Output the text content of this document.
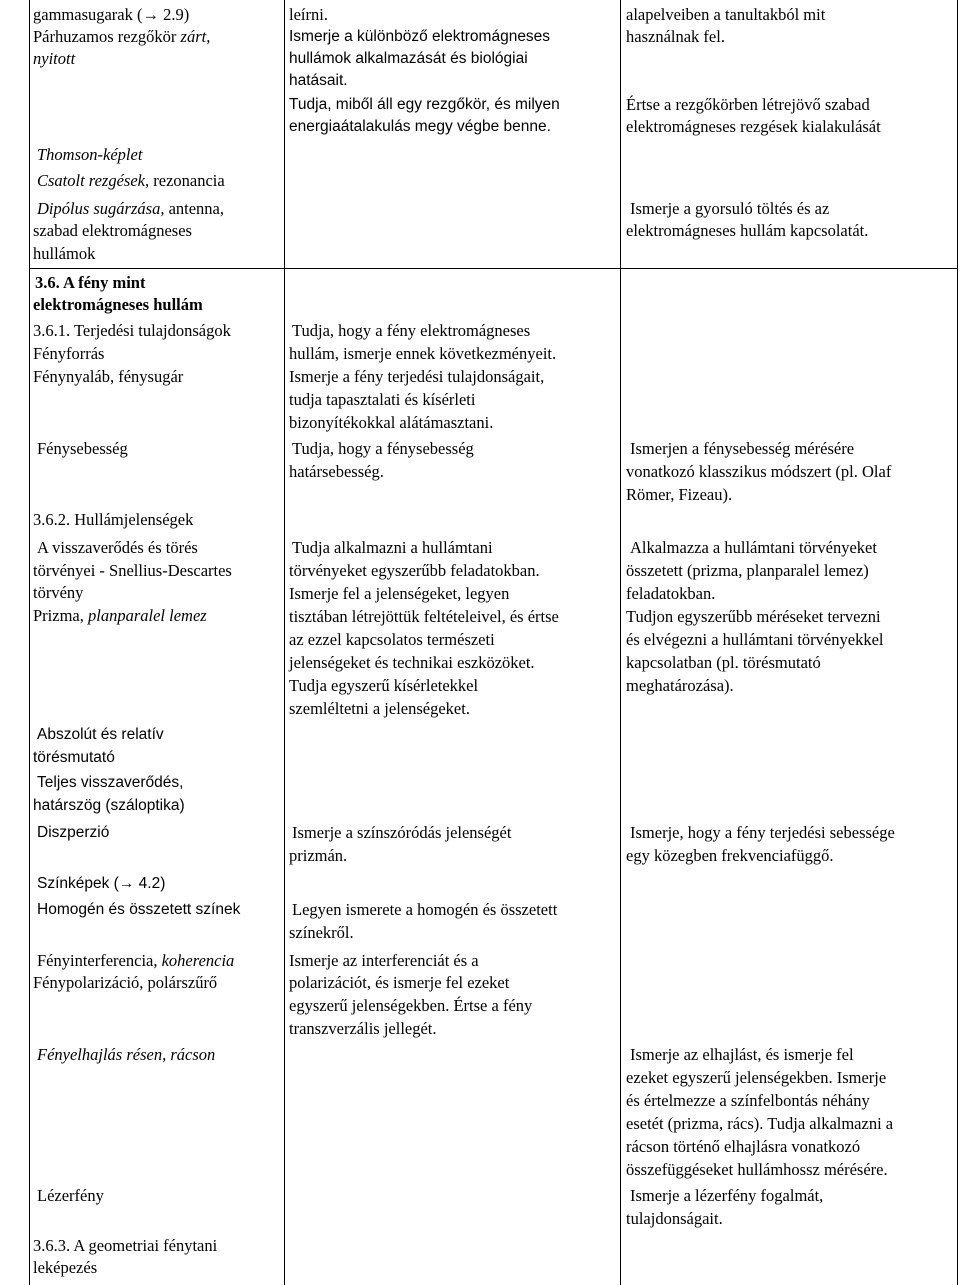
gammasugarak (→ 2.9)
Párhuzamos rezgőkör zárt,
nyitott
Thomson-képlet
Csatolt rezgések, rezonancia
Dipólus sugárzása, antenna,
szabad elektromágneses
hullámok
3.6. A fény mint
elektromágneses hullám
3.6.1. Terjedési tulajdonságok
Fényforrás
Fénynyaláb, fénysugár
Fénysebesség
3.6.2. Hullámjelenségek
A visszaverődés és törés
törvényei - Snellius-Descartes
törvény
Prizma, planparalel lemez
Abszolút és relatív
törésmutató
Teljes visszaverődés,
határszög (száloptika)
Diszperzió
Színképek (→ 4.2)
Homogén és összetett színek
Fényinterferencia, koherencia
Fénypolarizáció, polárszűrő
Fényelhajlás résen, rácson
Lézerfény
3.6.3. A geometriai fénytani
leképezés
leírni.
Ismerje a különböző elektromágneses
hullámok alkalmazását és biológiai
hatásait.
Tudja, miből áll egy rezgőkör, és milyen
energiaátalakulás megy végbe benne.
Tudja, hogy a fény elektromágneses
hullám, ismerje ennek következményeit.
Ismerje a fény terjedési tulajdonságait,
tudja tapasztalati és kísérleti
bizonyítékokkal alátámasztani.
Tudja, hogy a fénysebesség
határsebesség.
Tudja alkalmazni a hullámtani
törvényeket egyszerűbb feladatokban.
Ismerje fel a jelenségeket, legyen
tisztában létrejöttük feltételeivel, és értse
az ezzel kapcsolatos természeti
jelenségeket és technikai eszközöket.
Tudja egyszerű kísérletekkel
szemléltetni a jelenségeket.
Ismerje a színszóródás jelenségét
prizmán.
Legyen ismerete a homogén és összetett
színekről.
Ismerje az interferenciát és a
polarizációt, és ismerje fel ezeket
egyszerű jelenségekben. Értse a fény
transzverzális jellegét.
alapelveiben a tanultakból mit
használnak fel.
Értse a rezgőkörben létrejövő szabad
elektromágneses rezgések kialakulását
Ismerje a gyorsuló töltés és az
elektromágneses hullám kapcsolatát.
Ismerjen a fénysebesség mérésére
vonatkozó klasszikus módszert (pl. Olaf
Römer, Fizeau).
Alkalmazza a hullámtani törvényeket
összetett (prizma, planparalel lemez)
feladatokban.
Tudjon egyszerűbb méréseket tervezni
és elvégezni a hullámtani törvényekkel
kapcsolatban (pl. törésmutató
meghatározása).
Ismerje, hogy a fény terjedési sebessége
egy közegben frekvenciafüggő.
Ismerje az elhajlást, és ismerje fel
ezeket egyszerű jelenségekben. Ismerje
és értelmezze a színfelbontás néhány
esetét (prizma, rács). Tudja alkalmazni a
rácson történő elhajlásra vonatkozó
összefüggéseket hullámhossz mérésére.
Ismerje a lézerfény fogalmát,
tulajdonságait.
